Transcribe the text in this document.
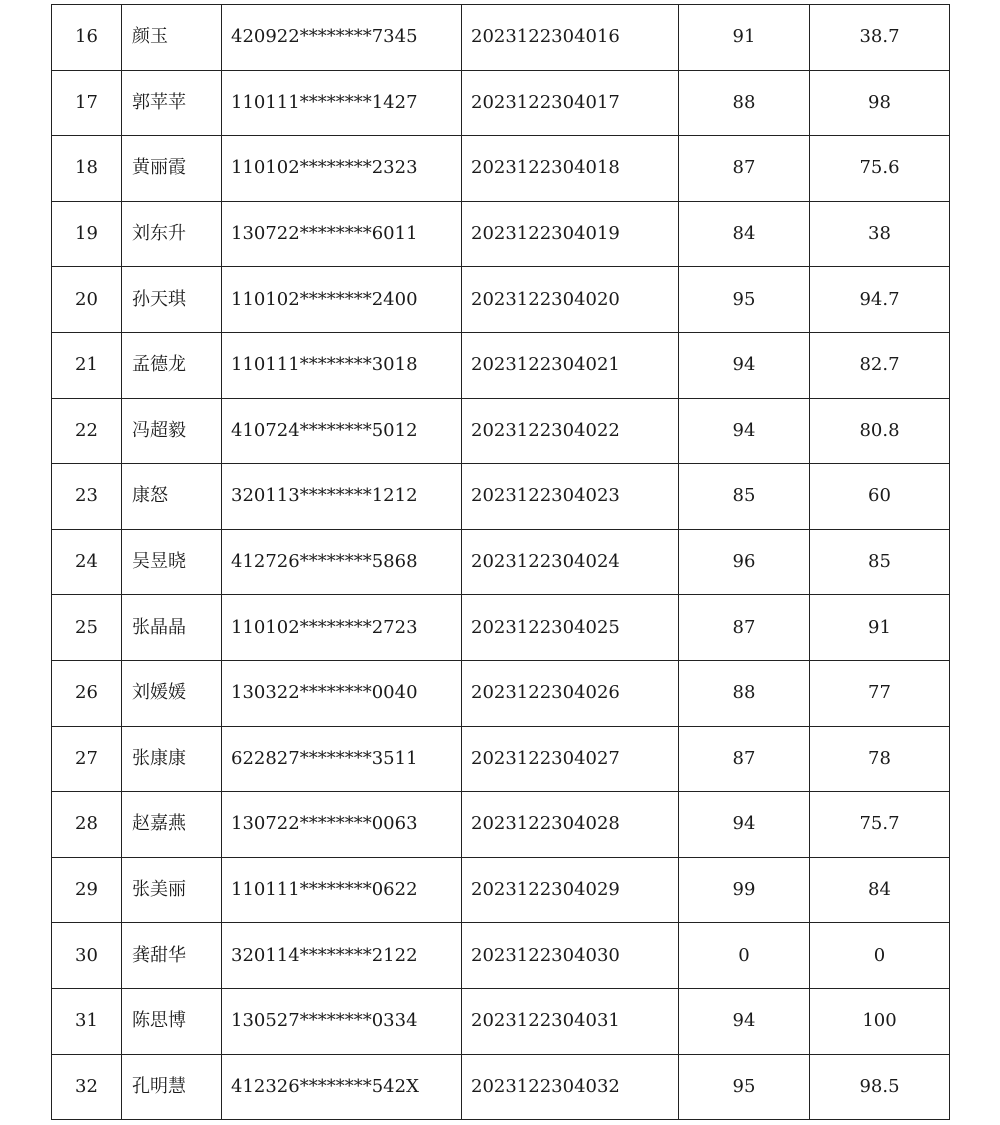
16	颜玉	420922********7345	2023122304016	91	38.7
17	郭苹苹	110111********1427	2023122304017	88	98
18	黄丽霞	110102********2323	2023122304018	87	75.6
19	刘东升	130722********6011	2023122304019	84	38
20	孙天琪	110102********2400	2023122304020	95	94.7
21	孟德龙	110111********3018	2023122304021	94	82.7
22	冯超毅	410724********5012	2023122304022	94	80.8
23	康怒	320113********1212	2023122304023	85	60
24	吴昱晓	412726********5868	2023122304024	96	85
25	张晶晶	110102********2723	2023122304025	87	91
26	刘媛媛	130322********0040	2023122304026	88	77
27	张康康	622827********3511	2023122304027	87	78
28	赵嘉燕	130722********0063	2023122304028	94	75.7
29	张美丽	110111********0622	2023122304029	99	84
30	龚甜华	320114********2122	2023122304030	0	0
31	陈思博	130527********0334	2023122304031	94	100
32	孔明慧	412326********542X	2023122304032	95	98.5
